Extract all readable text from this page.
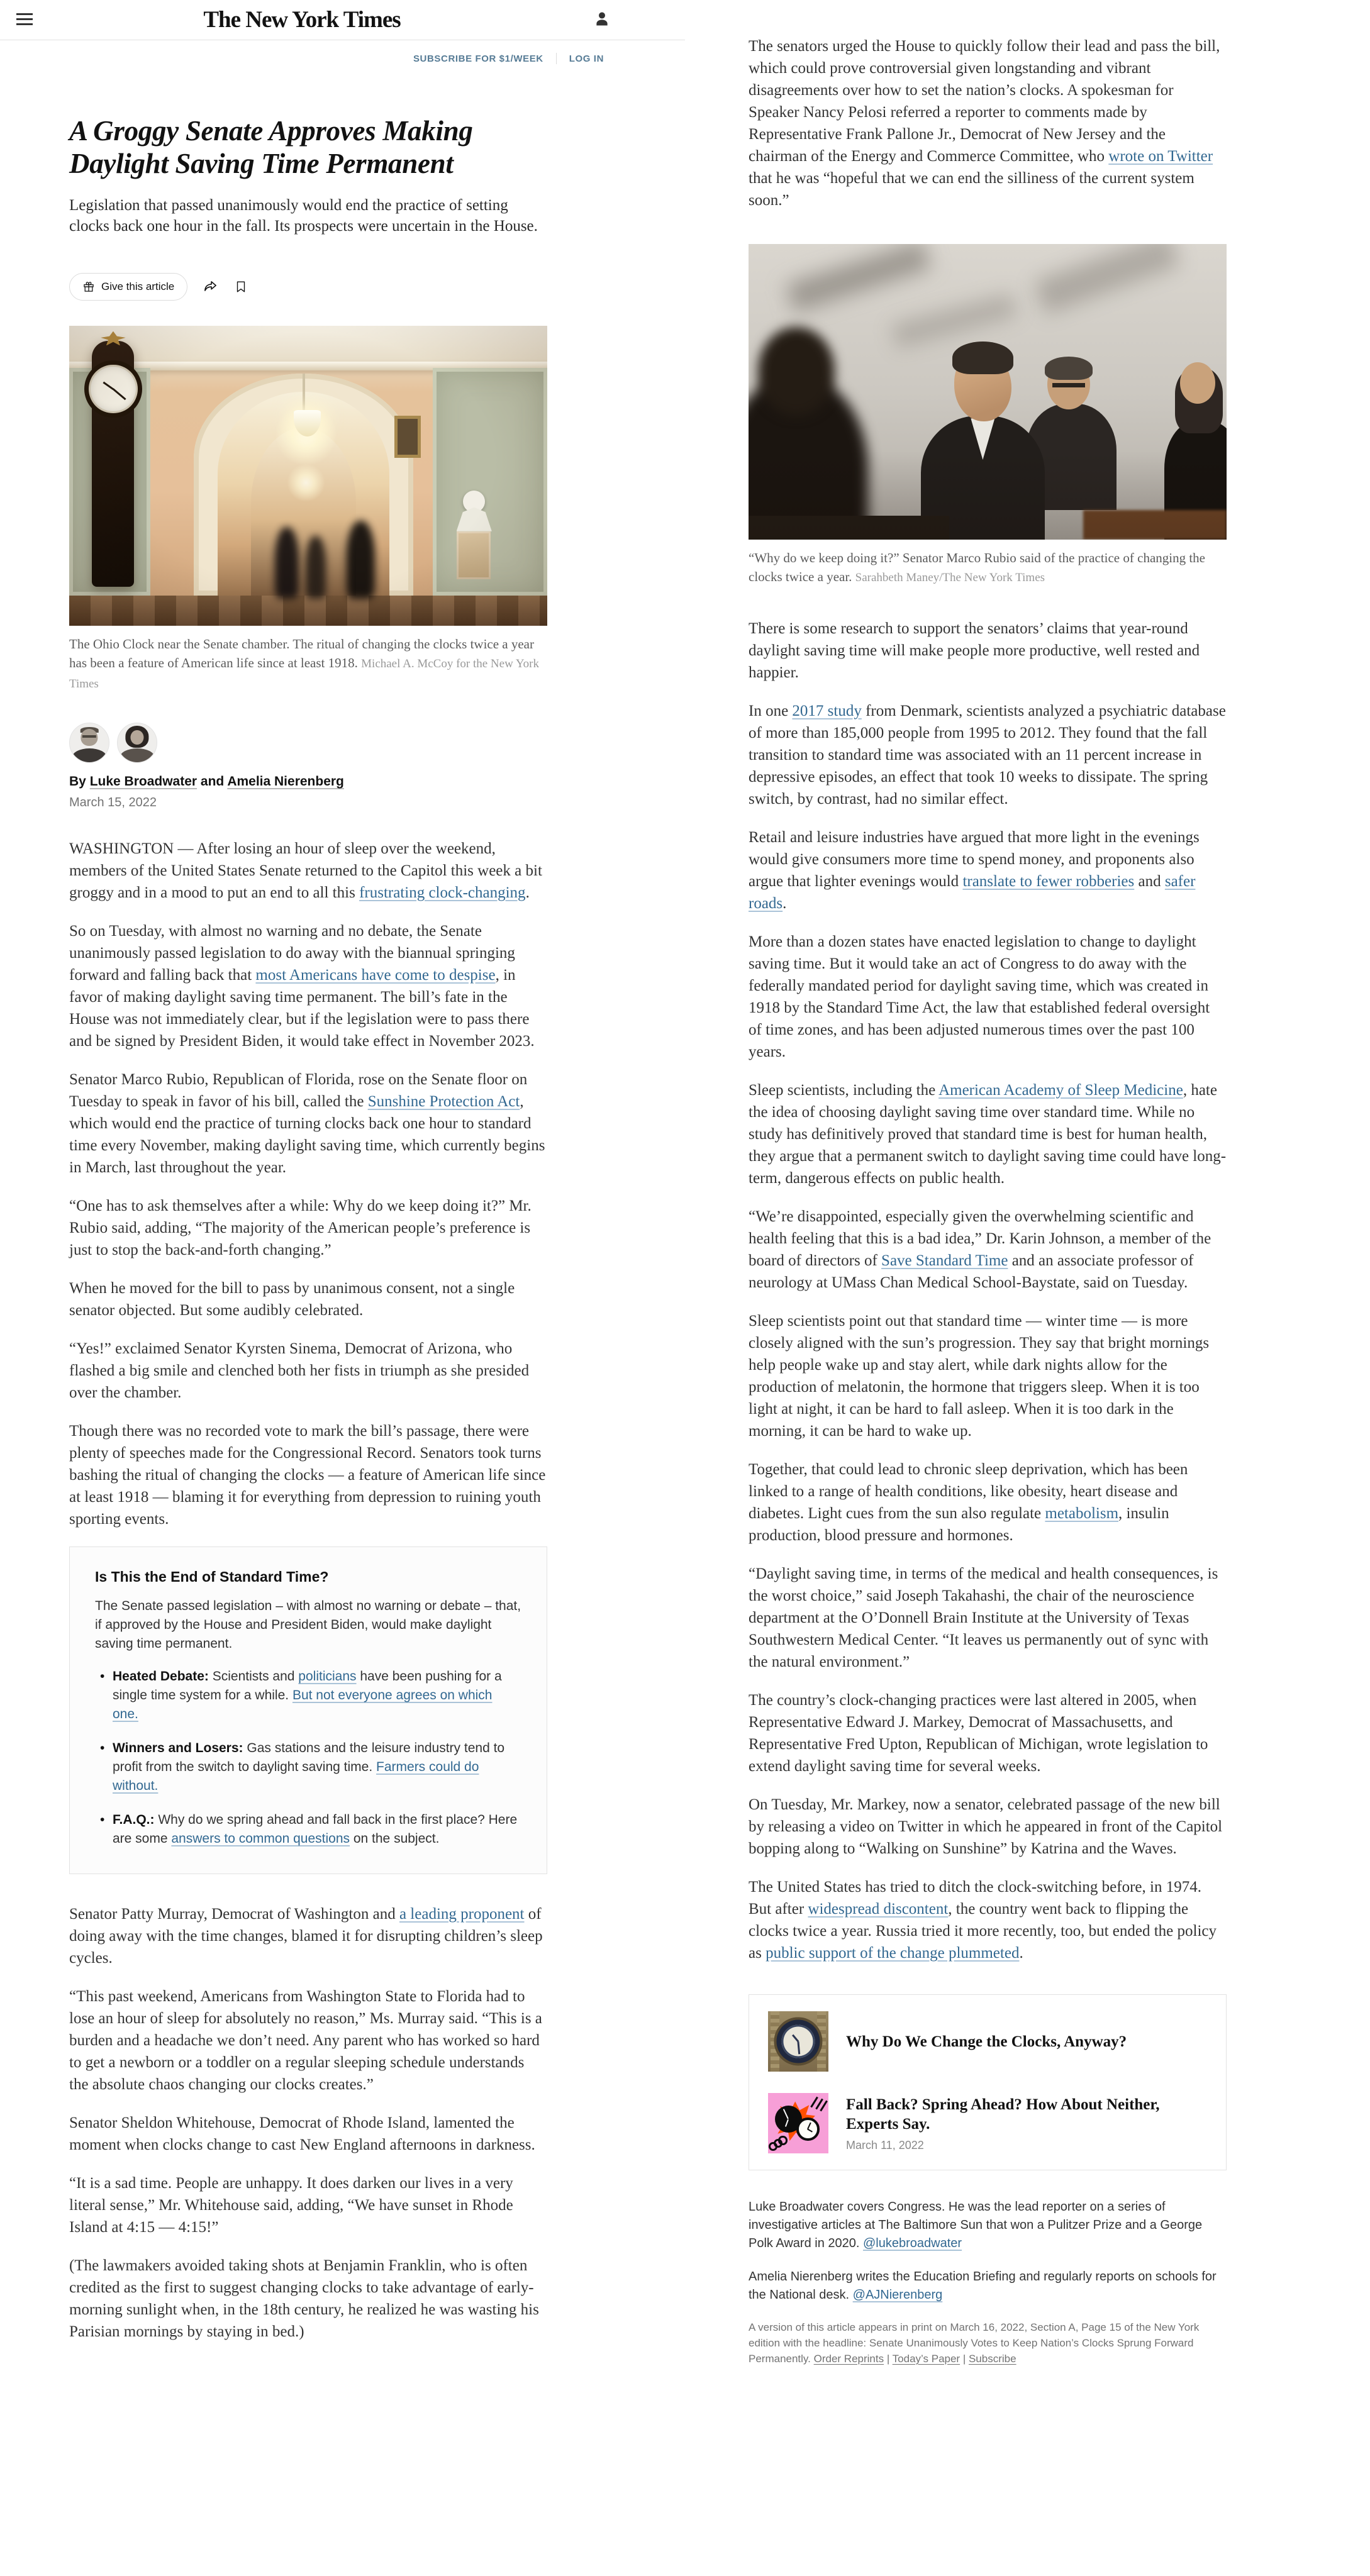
The New York Times
SUBSCRIBE FOR $1/WEEK	LOG IN
A Groggy Senate Approves Making Daylight Saving Time Permanent

Legislation that passed unanimously would end the practice of setting clocks back one hour in the fall. Its prospects were uncertain in the House.

Give this article
The Ohio Clock near the Senate chamber. The ritual of changing the clocks twice a year has been a feature of American life since at least 1918. Michael A. McCoy for the New York Times
By Luke Broadwater and Amelia Nierenberg
March 15, 2022

WASHINGTON — After losing an hour of sleep over the weekend, members of the United States Senate returned to the Capitol this week a bit groggy and in a mood to put an end to all this frustrating clock-changing.

So on Tuesday, with almost no warning and no debate, the Senate unanimously passed legislation to do away with the biannual springing forward and falling back that most Americans have come to despise, in favor of making daylight saving time permanent. The bill’s fate in the House was not immediately clear, but if the legislation were to pass there and be signed by President Biden, it would take effect in November 2023.

Senator Marco Rubio, Republican of Florida, rose on the Senate floor on Tuesday to speak in favor of his bill, called the Sunshine Protection Act, which would end the practice of turning clocks back one hour to standard time every November, making daylight saving time, which currently begins in March, last throughout the year.

“One has to ask themselves after a while: Why do we keep doing it?” Mr. Rubio said, adding, “The majority of the American people’s preference is just to stop the back-and-forth changing.”

When he moved for the bill to pass by unanimous consent, not a single senator objected. But some audibly celebrated.

“Yes!” exclaimed Senator Kyrsten Sinema, Democrat of Arizona, who flashed a big smile and clenched both her fists in triumph as she presided over the chamber.

Though there was no recorded vote to mark the bill’s passage, there were plenty of speeches made for the Congressional Record. Senators took turns bashing the ritual of changing the clocks — a feature of American life since at least 1918 — blaming it for everything from depression to ruining youth sporting events.

Is This the End of Standard Time?

The Senate passed legislation – with almost no warning or debate – that, if approved by the House and President Biden, would make daylight saving time permanent.

• Heated Debate: Scientists and politicians have been pushing for a single time system for a while. But not everyone agrees on which one.
• Winners and Losers: Gas stations and the leisure industry tend to profit from the switch to daylight saving time. Farmers could do without.
• F.A.Q.: Why do we spring ahead and fall back in the first place? Here are some answers to common questions on the subject.

Senator Patty Murray, Democrat of Washington and a leading proponent of doing away with the time changes, blamed it for disrupting children’s sleep cycles.

“This past weekend, Americans from Washington State to Florida had to lose an hour of sleep for absolutely no reason,” Ms. Murray said. “This is a burden and a headache we don’t need. Any parent who has worked so hard to get a newborn or a toddler on a regular sleeping schedule understands the absolute chaos changing our clocks creates.”

Senator Sheldon Whitehouse, Democrat of Rhode Island, lamented the moment when clocks change to cast New England afternoons in darkness.

“It is a sad time. People are unhappy. It does darken our lives in a very literal sense,” Mr. Whitehouse said, adding, “We have sunset in Rhode Island at 4:15 — 4:15!”

(The lawmakers avoided taking shots at Benjamin Franklin, who is often credited as the first to suggest changing clocks to take advantage of early-morning sunlight when, in the 18th century, he realized he was wasting his Parisian mornings by staying in bed.)

The senators urged the House to quickly follow their lead and pass the bill, which could prove controversial given longstanding and vibrant disagreements over how to set the nation’s clocks. A spokesman for Speaker Nancy Pelosi referred a reporter to comments made by Representative Frank Pallone Jr., Democrat of New Jersey and the chairman of the Energy and Commerce Committee, who wrote on Twitter that he was “hopeful that we can end the silliness of the current system soon.”

“Why do we keep doing it?” Senator Marco Rubio said of the practice of changing the clocks twice a year. Sarahbeth Maney/The New York Times

There is some research to support the senators’ claims that year-round daylight saving time will make people more productive, well rested and happier.

In one 2017 study from Denmark, scientists analyzed a psychiatric database of more than 185,000 people from 1995 to 2012. They found that the fall transition to standard time was associated with an 11 percent increase in depressive episodes, an effect that took 10 weeks to dissipate. The spring switch, by contrast, had no similar effect.

Retail and leisure industries have argued that more light in the evenings would give consumers more time to spend money, and proponents also argue that lighter evenings would translate to fewer robberies and safer roads.

More than a dozen states have enacted legislation to change to daylight saving time. But it would take an act of Congress to do away with the federally mandated period for daylight saving time, which was created in 1918 by the Standard Time Act, the law that established federal oversight of time zones, and has been adjusted numerous times over the past 100 years.

Sleep scientists, including the American Academy of Sleep Medicine, hate the idea of choosing daylight saving time over standard time. While no study has definitively proved that standard time is best for human health, they argue that a permanent switch to daylight saving time could have long-term, dangerous effects on public health.

“We’re disappointed, especially given the overwhelming scientific and health feeling that this is a bad idea,” Dr. Karin Johnson, a member of the board of directors of Save Standard Time and an associate professor of neurology at UMass Chan Medical School-Baystate, said on Tuesday.

Sleep scientists point out that standard time — winter time — is more closely aligned with the sun’s progression. They say that bright mornings help people wake up and stay alert, while dark nights allow for the production of melatonin, the hormone that triggers sleep. When it is too light at night, it can be hard to fall asleep. When it is too dark in the morning, it can be hard to wake up.

Together, that could lead to chronic sleep deprivation, which has been linked to a range of health conditions, like obesity, heart disease and diabetes. Light cues from the sun also regulate metabolism, insulin production, blood pressure and hormones.

“Daylight saving time, in terms of the medical and health consequences, is the worst choice,” said Joseph Takahashi, the chair of the neuroscience department at the O’Donnell Brain Institute at the University of Texas Southwestern Medical Center. “It leaves us permanently out of sync with the natural environment.”

The country’s clock-changing practices were last altered in 2005, when Representative Edward J. Markey, Democrat of Massachusetts, and Representative Fred Upton, Republican of Michigan, wrote legislation to extend daylight saving time for several weeks.

On Tuesday, Mr. Markey, now a senator, celebrated passage of the new bill by releasing a video on Twitter in which he appeared in front of the Capitol bopping along to “Walking on Sunshine” by Katrina and the Waves.

The United States has tried to ditch the clock-switching before, in 1974. But after widespread discontent, the country went back to flipping the clocks twice a year. Russia tried it more recently, too, but ended the policy as public support of the change plummeted.

Why Do We Change the Clocks, Anyway?
Fall Back? Spring Ahead? How About Neither, Experts Say.
March 11, 2022

Luke Broadwater covers Congress. He was the lead reporter on a series of investigative articles at The Baltimore Sun that won a Pulitzer Prize and a George Polk Award in 2020. @lukebroadwater

Amelia Nierenberg writes the Education Briefing and regularly reports on schools for the National desk. @AJNierenberg

A version of this article appears in print on March 16, 2022, Section A, Page 15 of the New York edition with the headline: Senate Unanimously Votes to Keep Nation’s Clocks Sprung Forward Permanently. Order Reprints | Today’s Paper | Subscribe
